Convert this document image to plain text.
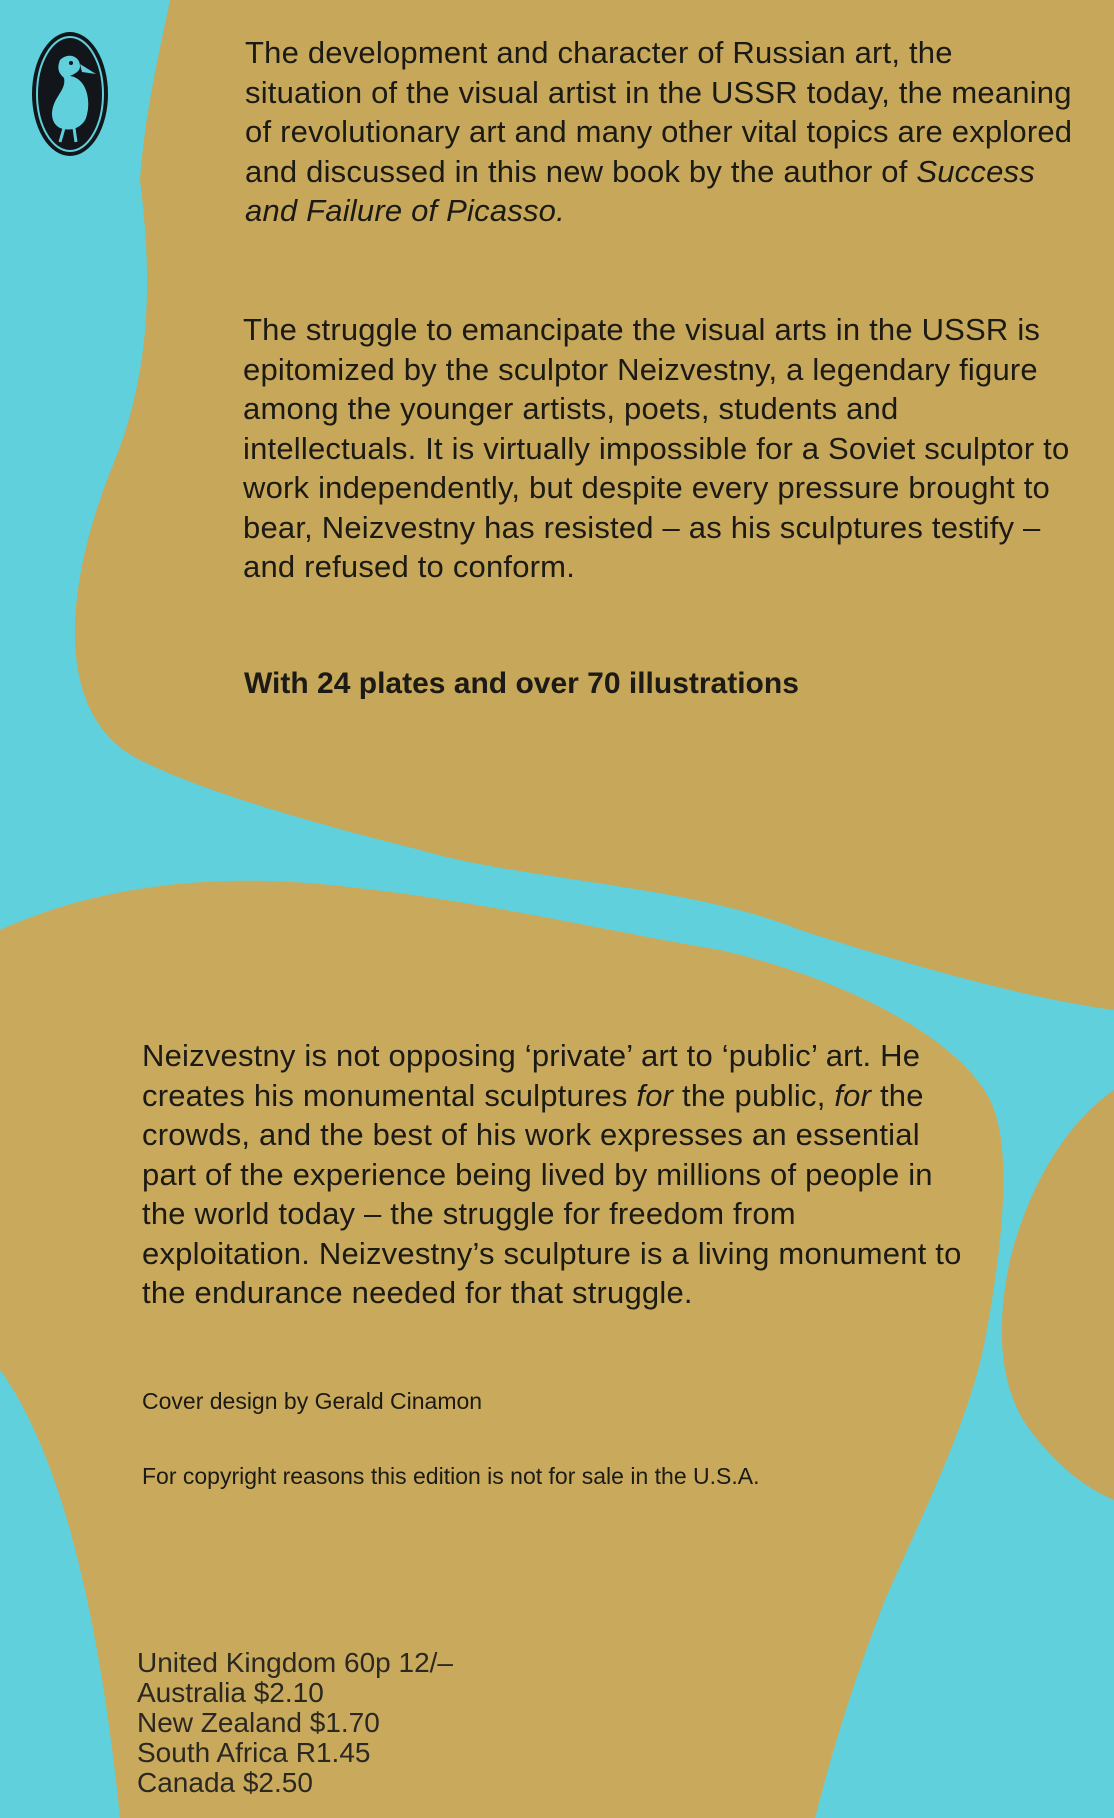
The development and character of Russian art, the situation of the visual artist in the USSR today, the meaning of revolutionary art and many other vital topics are explored and discussed in this new book by the author of Success and Failure of Picasso.

The struggle to emancipate the visual arts in the USSR is epitomized by the sculptor Neizvestny, a legendary figure among the younger artists, poets, students and intellectuals. It is virtually impossible for a Soviet sculptor to work independently, but despite every pressure brought to bear, Neizvestny has resisted – as his sculptures testify – and refused to conform.

With 24 plates and over 70 illustrations

Neizvestny is not opposing ‘private’ art to ‘public’ art. He creates his monumental sculptures for the public, for the crowds, and the best of his work expresses an essential part of the experience being lived by millions of people in the world today – the struggle for freedom from exploitation. Neizvestny’s sculpture is a living monument to the endurance needed for that struggle.

Cover design by Gerald Cinamon

For copyright reasons this edition is not for sale in the U.S.A.

United Kingdom 60p 12/–
Australia $2.10
New Zealand $1.70
South Africa R1.45
Canada $2.50
